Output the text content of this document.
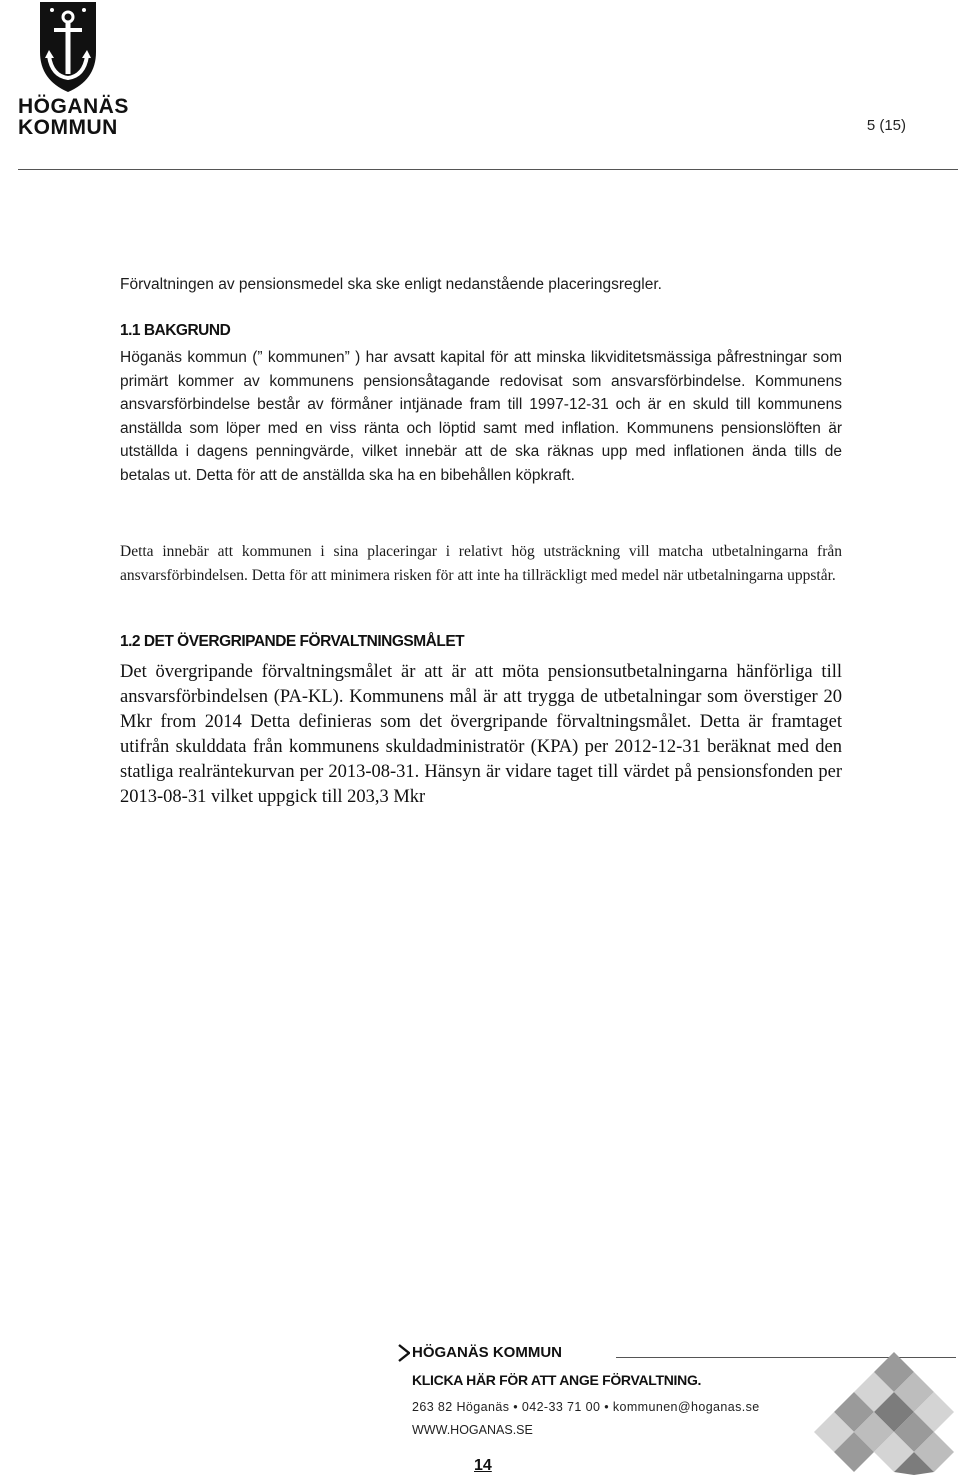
HÖGANÄS
KOMMUN	5 (15)
Förvaltningen av pensionsmedel ska ske enligt nedanstående placeringsregler.
1.1 BAKGRUND
Höganäs kommun (” kommunen” ) har avsatt kapital för att minska likviditetsmässiga påfrestningar som primärt kommer av kommunens pensionsåtagande redovisat som ansvarsförbindelse. Kommunens ansvarsförbindelse består av förmåner intjänade fram till 1997-12-31 och är en skuld till kommunens anställda som löper med en viss ränta och löptid samt med inflation. Kommunens pensionslöften är utställda i dagens penningvärde, vilket innebär att de ska räknas upp med inflationen ända tills de betalas ut. Detta för att de anställda ska ha en bibehållen köpkraft.
Detta innebär att kommunen i sina placeringar i relativt hög utsträckning vill matcha utbetalningarna från ansvarsförbindelsen. Detta för att minimera risken för att inte ha tillräckligt med medel när utbetalningarna uppstår.
1.2 DET ÖVERGRIPANDE FÖRVALTNINGSMÅLET
Det övergripande förvaltningsmålet är att är att möta pensionsutbetalningarna hänförliga till ansvarsförbindelsen (PA-KL). Kommunens mål är att trygga de utbetalningar som överstiger 20 Mkr from 2014 Detta definieras som det övergripande förvaltningsmålet. Detta är framtaget utifrån skulddata från kommunens skuldadministratör (KPA) per 2012-12-31 beräknat med den statliga realräntekurvan per 2013-08-31. Hänsyn är vidare taget till värdet på pensionsfonden per 2013-08-31 vilket uppgick till 203,3 Mkr
HÖGANÄS KOMMUN
KLICKA HÄR FÖR ATT ANGE FÖRVALTNING.
263 82 Höganäs • 042-33 71 00 • kommunen@hoganas.se
WWW.HOGANAS.SE
14
